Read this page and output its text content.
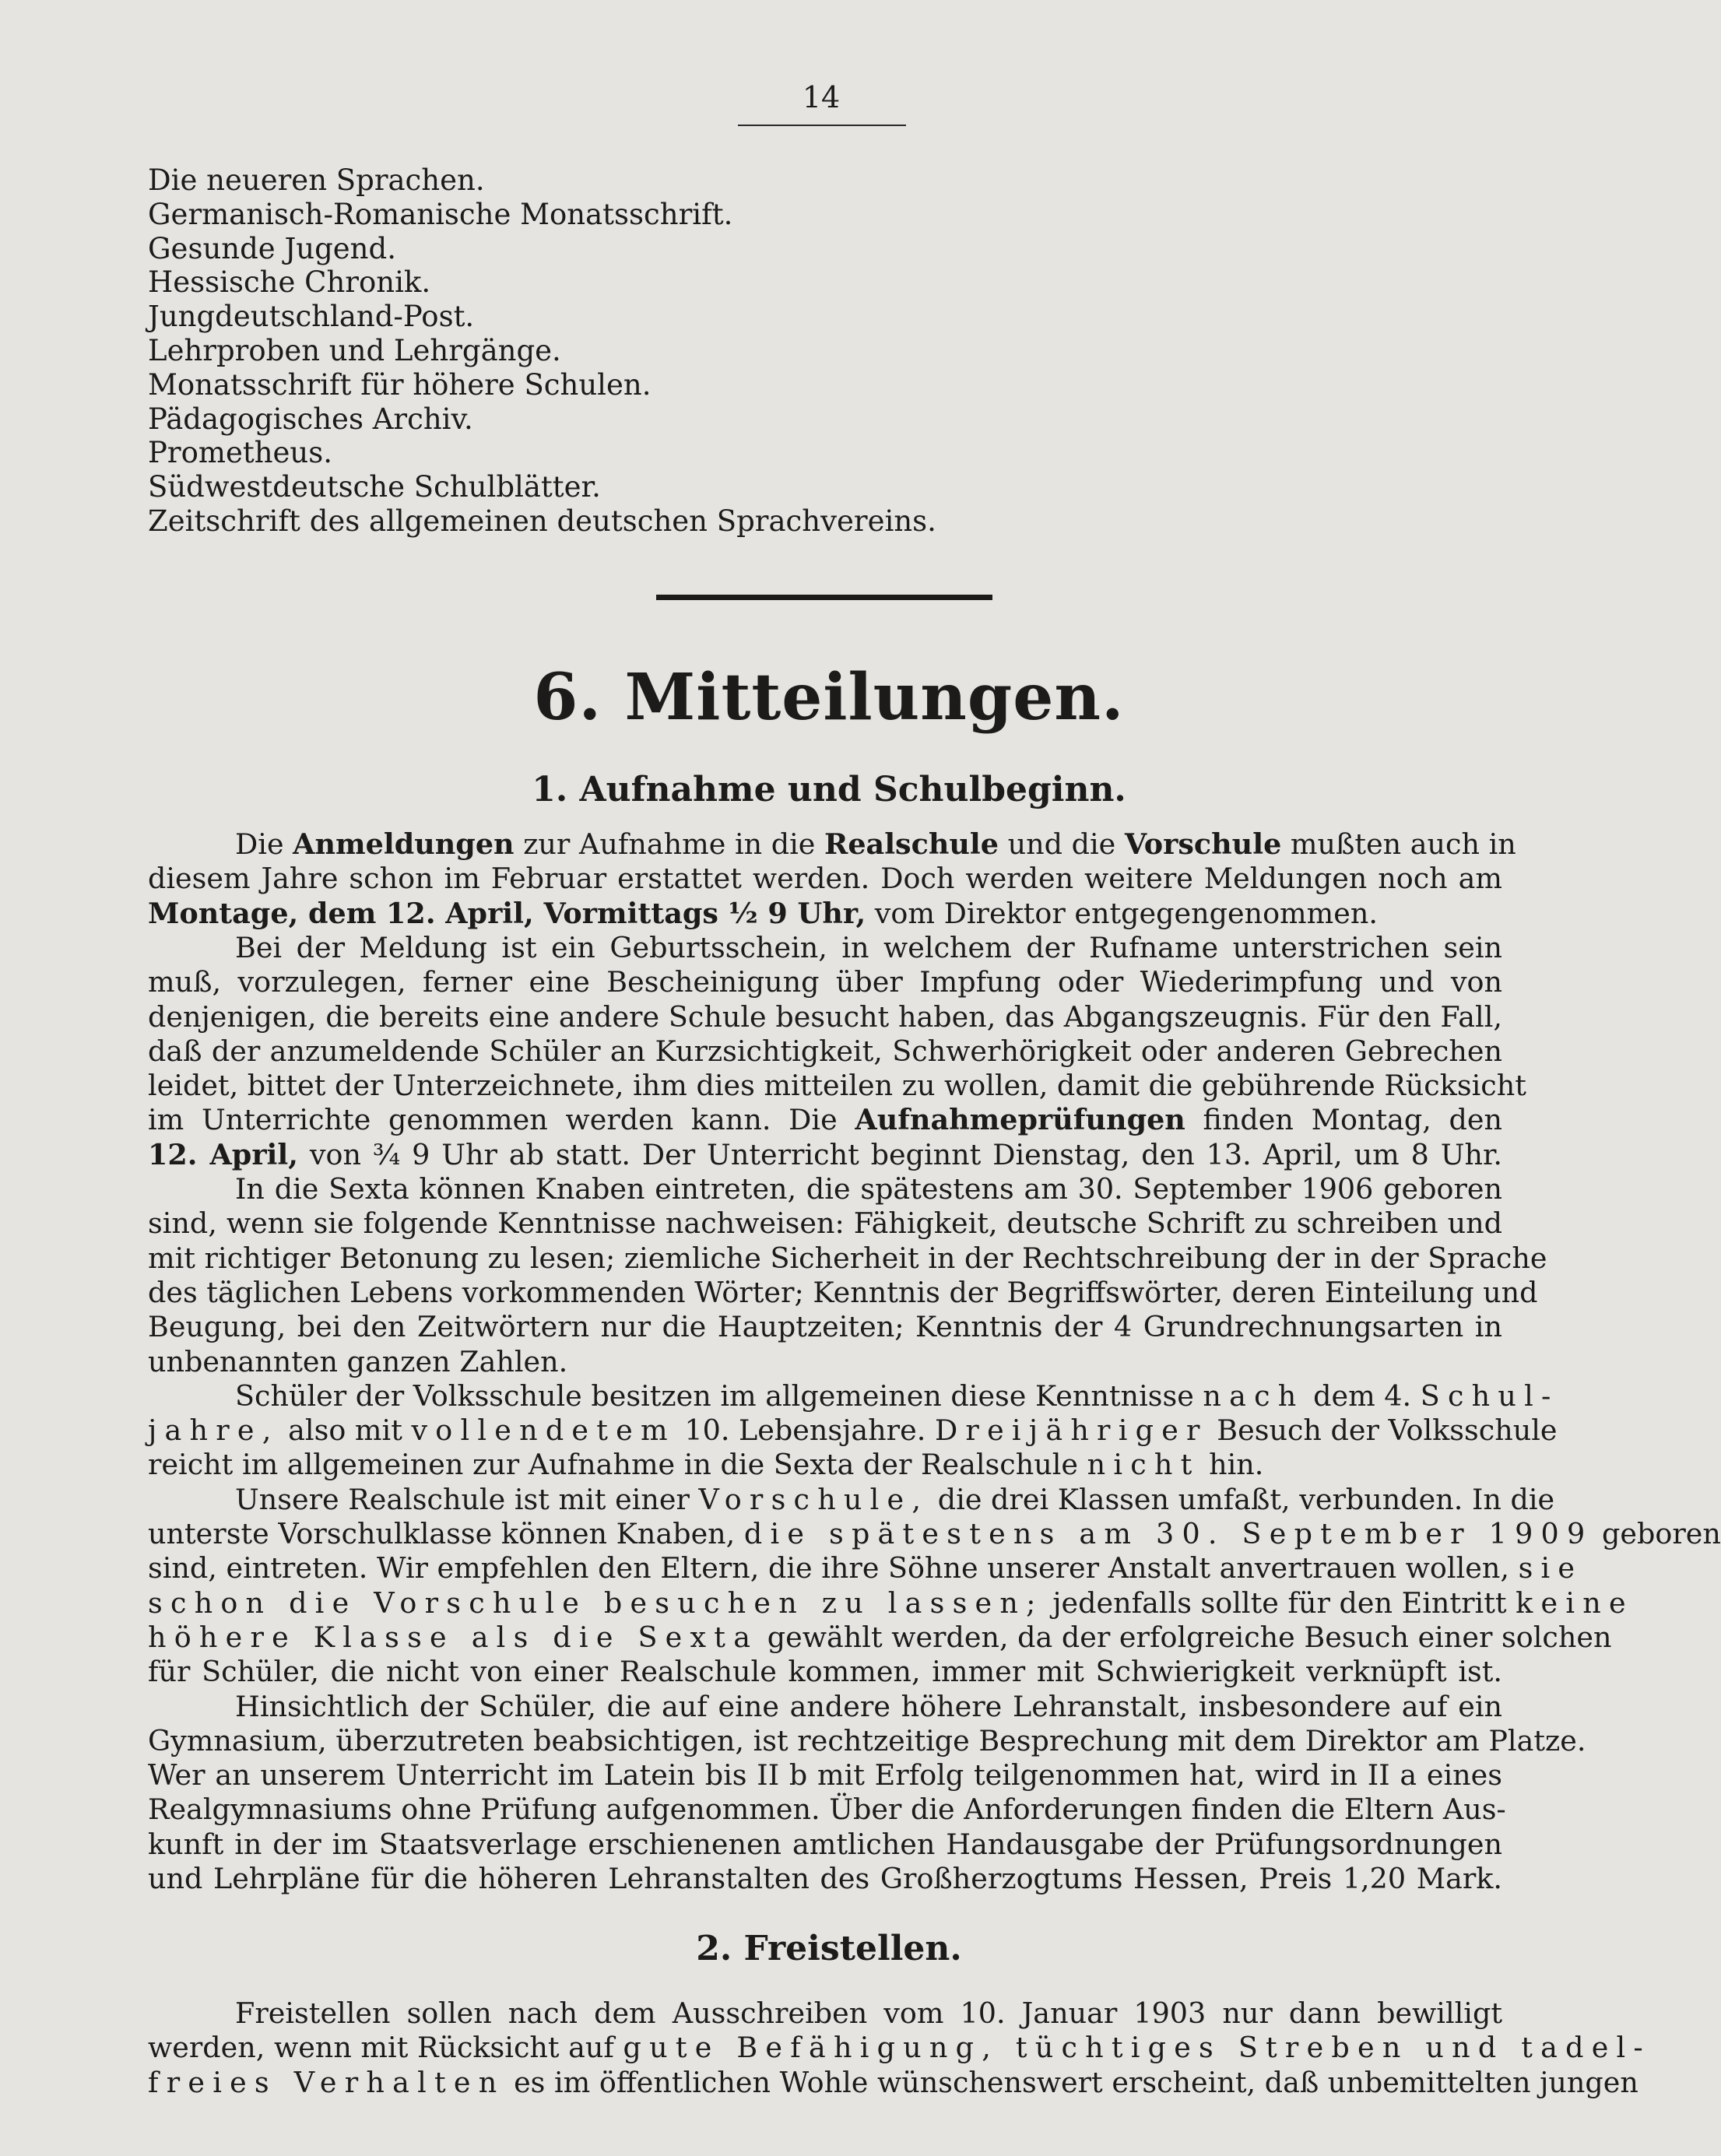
14
Die neueren Sprachen.
Germanisch-Romanische Monatsschrift.
Gesunde Jugend.
Hessische Chronik.
Jungdeutschland-Post.
Lehrproben und Lehrgänge.
Monatsschrift für höhere Schulen.
Pädagogisches Archiv.
Prometheus.
Südwestdeutsche Schulblätter.
Zeitschrift des allgemeinen deutschen Sprachvereins.
6. Mitteilungen.
1. Aufnahme und Schulbeginn.
Die Anmeldungen zur Aufnahme in die Realschule und die Vorschule mußten auch in
diesem Jahre schon im Februar erstattet werden. Doch werden weitere Meldungen noch am
Montage, dem 12. April, Vormittags ½ 9 Uhr, vom Direktor entgegengenommen.
Bei der Meldung ist ein Geburtsschein, in welchem der Rufname unterstrichen sein
muß, vorzulegen, ferner eine Bescheinigung über Impfung oder Wiederimpfung und von
denjenigen, die bereits eine andere Schule besucht haben, das Abgangszeugnis. Für den Fall,
daß der anzumeldende Schüler an Kurzsichtigkeit, Schwerhörigkeit oder anderen Gebrechen
leidet, bittet der Unterzeichnete, ihm dies mitteilen zu wollen, damit die gebührende Rücksicht
im Unterrichte genommen werden kann. Die Aufnahmeprüfungen finden Montag, den
12. April, von ¾ 9 Uhr ab statt. Der Unterricht beginnt Dienstag, den 13. April, um 8 Uhr.
In die Sexta können Knaben eintreten, die spätestens am 30. September 1906 geboren
sind, wenn sie folgende Kenntnisse nachweisen: Fähigkeit, deutsche Schrift zu schreiben und
mit richtiger Betonung zu lesen; ziemliche Sicherheit in der Rechtschreibung der in der Sprache
des täglichen Lebens vorkommenden Wörter; Kenntnis der Begriffswörter, deren Einteilung und
Beugung, bei den Zeitwörtern nur die Hauptzeiten; Kenntnis der 4 Grundrechnungsarten in
unbenannten ganzen Zahlen.
Schüler der Volksschule besitzen im allgemeinen diese Kenntnisse nach dem 4. Schul-
jahre, also mit vollendetem 10. Lebensjahre. Dreijähriger Besuch der Volksschule
reicht im allgemeinen zur Aufnahme in die Sexta der Realschule nicht hin.
Unsere Realschule ist mit einer Vorschule, die drei Klassen umfaßt, verbunden. In die
unterste Vorschulklasse können Knaben, die spätestens am 30. September 1909 geboren
sind, eintreten. Wir empfehlen den Eltern, die ihre Söhne unserer Anstalt anvertrauen wollen, sie
schon die Vorschule besuchen zu lassen; jedenfalls sollte für den Eintritt keine
höhere Klasse als die Sexta gewählt werden, da der erfolgreiche Besuch einer solchen
für Schüler, die nicht von einer Realschule kommen, immer mit Schwierigkeit verknüpft ist.
Hinsichtlich der Schüler, die auf eine andere höhere Lehranstalt, insbesondere auf ein
Gymnasium, überzutreten beabsichtigen, ist rechtzeitige Besprechung mit dem Direktor am Platze.
Wer an unserem Unterricht im Latein bis II b mit Erfolg teilgenommen hat, wird in II a eines
Realgymnasiums ohne Prüfung aufgenommen. Über die Anforderungen finden die Eltern Aus-
kunft in der im Staatsverlage erschienenen amtlichen Handausgabe der Prüfungsordnungen
und Lehrpläne für die höheren Lehranstalten des Großherzogtums Hessen, Preis 1,20 Mark.
2. Freistellen.
Freistellen sollen nach dem Ausschreiben vom 10. Januar 1903 nur dann bewilligt
werden, wenn mit Rücksicht auf gute Befähigung, tüchtiges Streben und tadel-
freies Verhalten es im öffentlichen Wohle wünschenswert erscheint, daß unbemittelten jungen
